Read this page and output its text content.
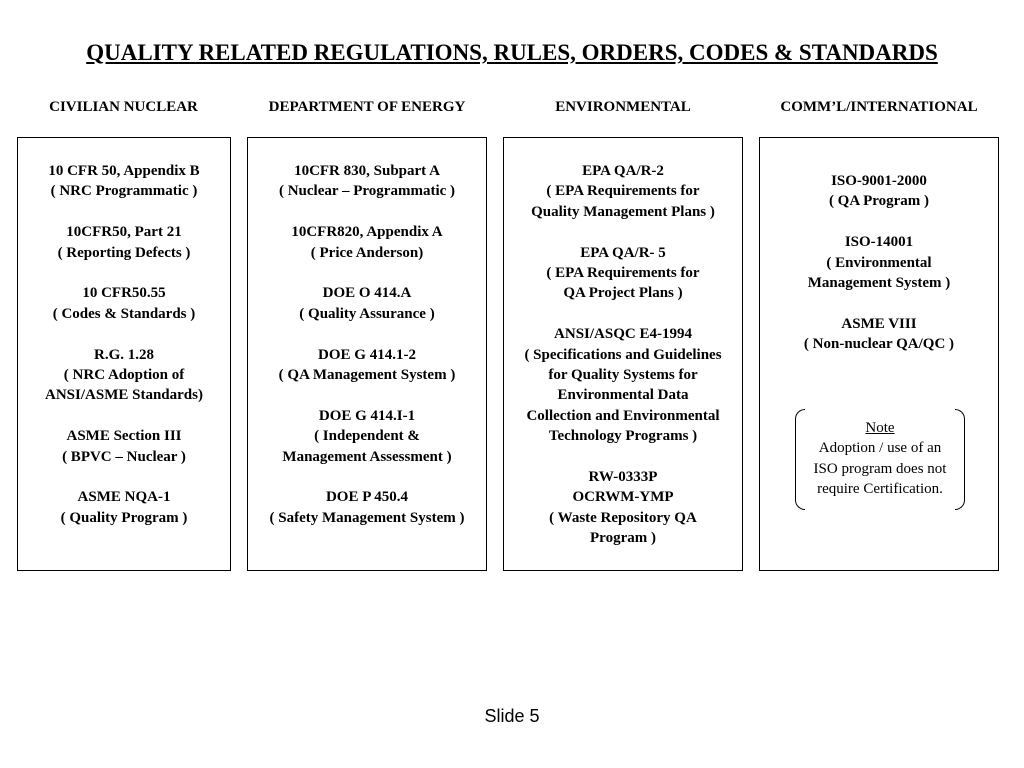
QUALITY RELATED REGULATIONS, RULES, ORDERS, CODES & STANDARDS
CIVILIAN NUCLEAR	DEPARTMENT OF ENERGY	ENVIRONMENTAL	COMM’L/INTERNATIONAL
10 CFR 50, Appendix B
( NRC Programmatic )
10CFR50, Part 21
( Reporting Defects )
10 CFR50.55
( Codes & Standards )
R.G. 1.28
( NRC Adoption of
ANSI/ASME Standards)
ASME Section III
( BPVC – Nuclear )
ASME NQA-1
( Quality Program )
10CFR 830, Subpart A
( Nuclear – Programmatic )
10CFR820, Appendix A
( Price Anderson)
DOE O 414.A
( Quality Assurance )
DOE G 414.1-2
( QA Management System )
DOE G 414.I-1
( Independent &
Management Assessment )
DOE P 450.4
( Safety Management System )
EPA QA/R-2
( EPA Requirements for
Quality Management Plans )
EPA QA/R- 5
( EPA Requirements for
QA Project Plans )
ANSI/ASQC E4-1994
( Specifications and Guidelines
for Quality Systems for
Environmental Data
Collection and Environmental
Technology Programs )
RW-0333P
OCRWM-YMP
( Waste Repository QA
Program )
ISO-9001-2000
( QA Program )
ISO-14001
( Environmental
Management System )
ASME VIII
( Non-nuclear QA/QC )
Note
Adoption / use of an
ISO program does not
require Certification.
Slide 5
